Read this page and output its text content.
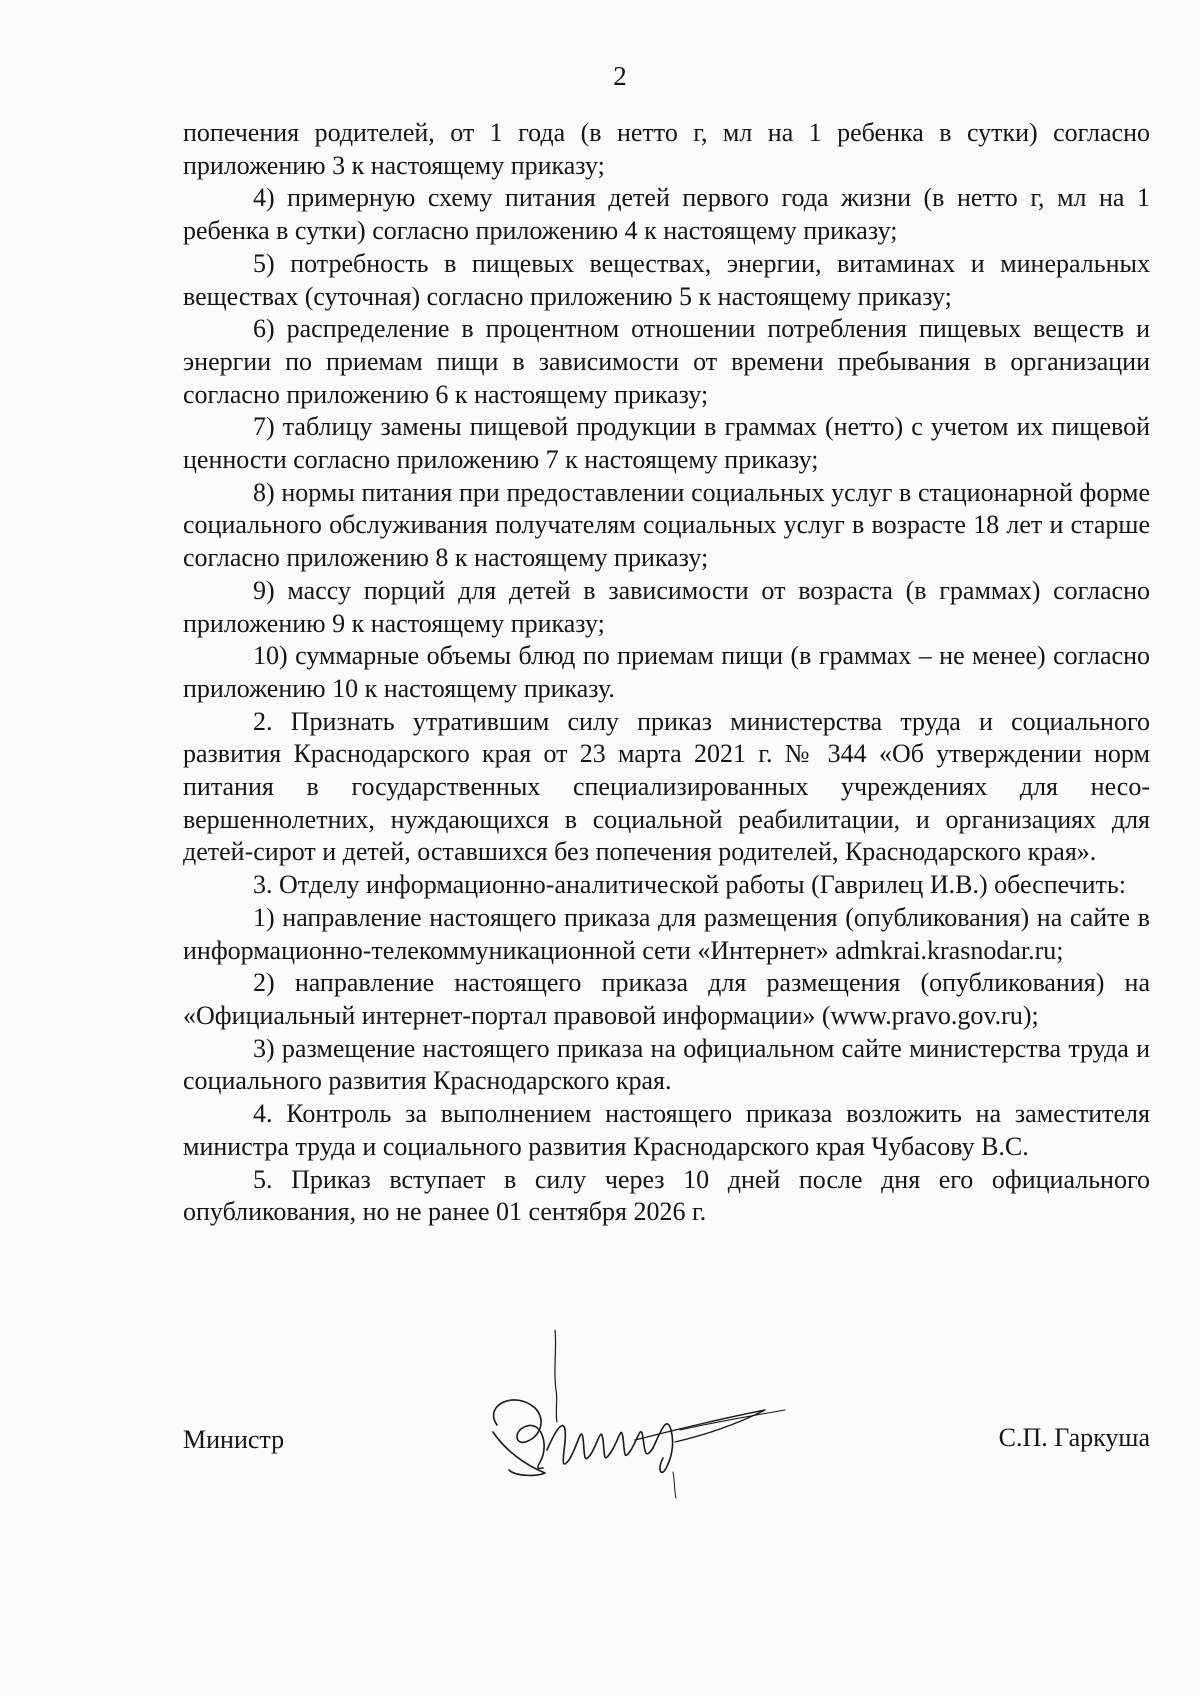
2

попечения родителей, от 1 года (в нетто г, мл на 1 ребенка в сутки) согласно приложению 3 к настоящему приказу;

4) примерную схему питания детей первого года жизни (в нетто г, мл на 1 ребенка в сутки) согласно приложению 4 к настоящему приказу;

5) потребность в пищевых веществах, энергии, витаминах и минеральных веществах (суточная) согласно приложению 5 к настоящему приказу;

6) распределение в процентном отношении потребления пищевых веществ и энергии по приемам пищи в зависимости от времени пребывания в организации согласно приложению 6 к настоящему приказу;

7) таблицу замены пищевой продукции в граммах (нетто) с учетом их пищевой ценности согласно приложению 7 к настоящему приказу;

8) нормы питания при предоставлении социальных услуг в стационарной форме социального обслуживания получателям социальных услуг в возрасте 18 лет и старше согласно приложению 8 к настоящему приказу;

9) массу порций для детей в зависимости от возраста (в граммах) согласно приложению 9 к настоящему приказу;

10) суммарные объемы блюд по приемам пищи (в граммах – не менее) согласно приложению 10 к настоящему приказу.

2. Признать утратившим силу приказ министерства труда и социального развития Краснодарского края от 23 марта 2021 г. № 344 «Об утверждении норм питания в государственных специализированных учреждениях для несовершеннолетних, нуждающихся в социальной реабилитации, и организациях для детей-сирот и детей, оставшихся без попечения родителей, Краснодарского края».

3. Отделу информационно-аналитической работы (Гаврилец И.В.) обеспечить:

1) направление настоящего приказа для размещения (опубликования) на сайте в информационно-телекоммуникационной сети «Интернет» admkrai.krasnodar.ru;

2) направление настоящего приказа для размещения (опубликования) на «Официальный интернет-портал правовой информации» (www.pravo.gov.ru);

3) размещение настоящего приказа на официальном сайте министерства труда и социального развития Краснодарского края.

4. Контроль за выполнением настоящего приказа возложить на заместителя министра труда и социального развития Краснодарского края Чубасову В.С.

5. Приказ вступает в силу через 10 дней после дня его официального опубликования, но не ранее 01 сентября 2026 г.

Министр	С.П. Гаркуша
